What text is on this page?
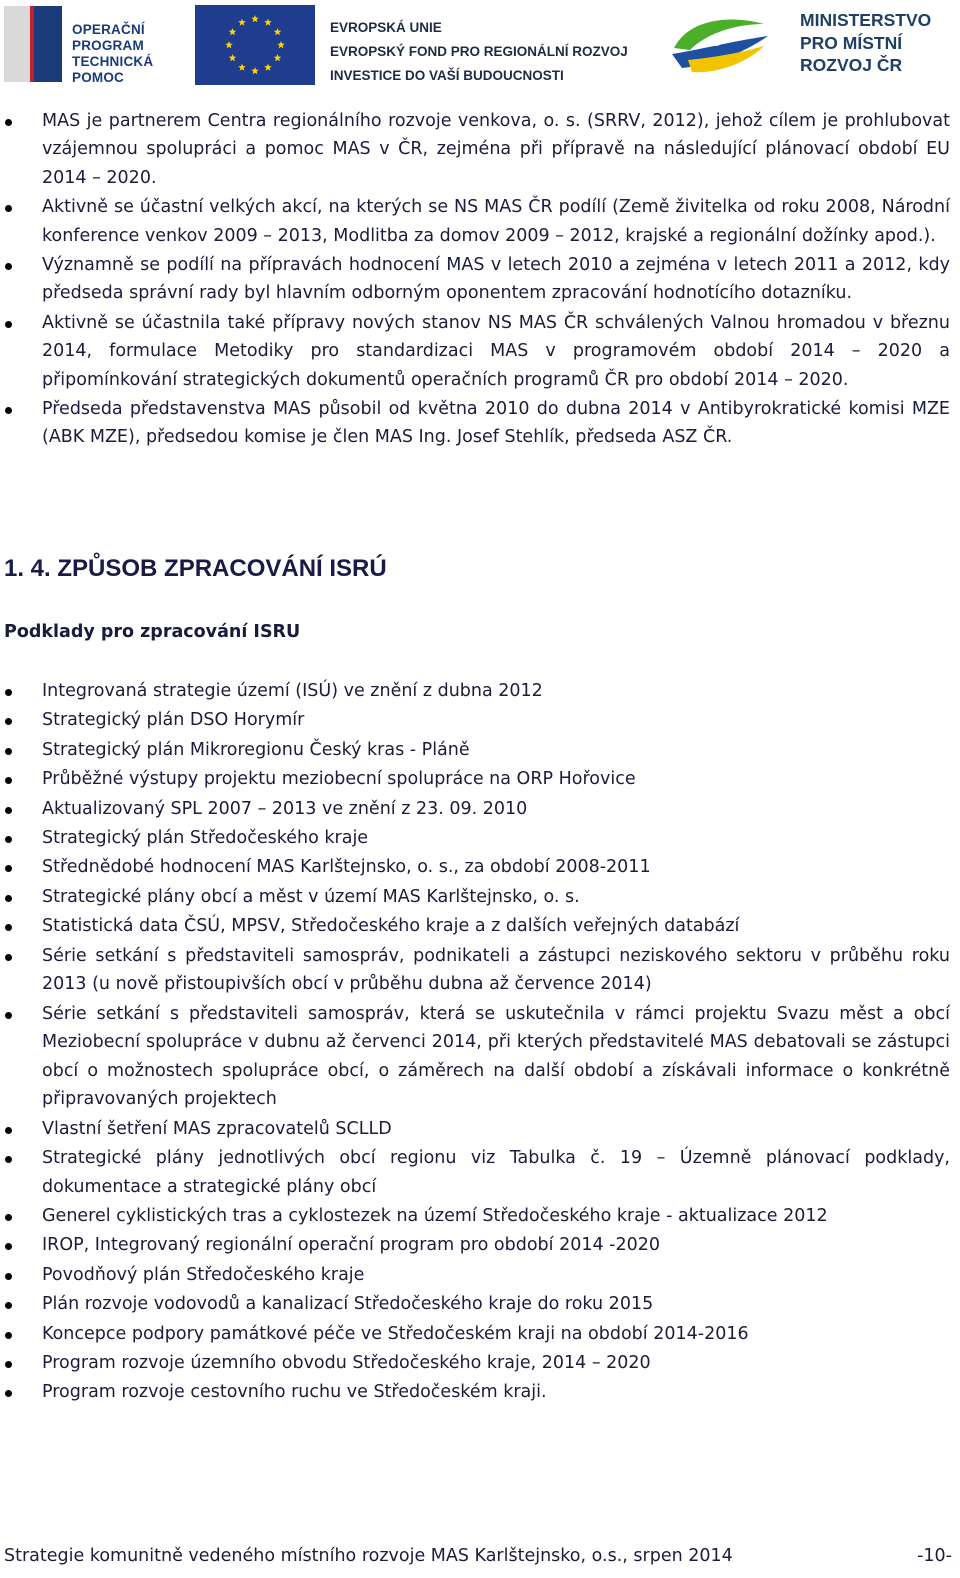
OPERAČNÍ
PROGRAM
TECHNICKÁ
POMOC
EVROPSKÁ UNIE
EVROPSKÝ FOND PRO REGIONÁLNÍ ROZVOJ
INVESTICE DO VAŠÍ BUDOUCNOSTI
MINISTERSTVO
PRO MÍSTNÍ
ROZVOJ ČR
MAS je partnerem Centra regionálního rozvoje venkova, o. s. (SRRV, 2012), jehož cílem je prohlubovat vzájemnou spolupráci a pomoc MAS v ČR, zejména při přípravě na následující plánovací období EU 2014 – 2020.
Aktivně se účastní velkých akcí, na kterých se NS MAS ČR podílí (Země živitelka od roku 2008, Národní konference venkov 2009 – 2013, Modlitba za domov 2009 – 2012, krajské a regionální dožínky apod.).
Významně se podílí na přípravách hodnocení MAS v letech 2010 a zejména v letech 2011 a 2012, kdy předseda správní rady byl hlavním odborným oponentem zpracování hodnotícího dotazníku.
Aktivně se účastnila také přípravy nových stanov NS MAS ČR schválených Valnou hromadou v březnu 2014, formulace Metodiky pro standardizaci MAS v programovém období 2014 – 2020 a připomínkování strategických dokumentů operačních programů ČR pro období 2014 – 2020.
Předseda představenstva MAS působil od května 2010 do dubna 2014 v Antibyrokratické komisi MZE (ABK MZE), předsedou komise je člen MAS Ing. Josef Stehlík, předseda ASZ ČR.
1. 4. ZPŮSOB ZPRACOVÁNÍ ISRÚ
Podklady pro zpracování ISRU
Integrovaná strategie území (ISÚ) ve znění z dubna 2012
Strategický plán DSO Horymír
Strategický plán Mikroregionu Český kras - Pláně
Průběžné výstupy projektu meziobecní spolupráce na ORP Hořovice
Aktualizovaný SPL 2007 – 2013 ve znění z 23. 09. 2010
Strategický plán Středočeského kraje
Střednědobé hodnocení MAS Karlštejnsko, o. s., za období 2008-2011
Strategické plány obcí a měst v území MAS Karlštejnsko, o. s.
Statistická data ČSÚ, MPSV, Středočeského kraje a z dalších veřejných databází
Série setkání s představiteli samospráv, podnikateli a zástupci neziskového sektoru v průběhu roku 2013 (u nově přistoupivších obcí v průběhu dubna až července 2014)
Série setkání s představiteli samospráv, která se uskutečnila v rámci projektu Svazu měst a obcí Meziobecní spolupráce v dubnu až červenci 2014, při kterých představitelé MAS debatovali se zástupci obcí o možnostech spolupráce obcí, o záměrech na další období a získávali informace o konkrétně připravovaných projektech
Vlastní šetření MAS zpracovatelů SCLLD
Strategické plány jednotlivých obcí regionu viz Tabulka č. 19 – Územně plánovací podklady, dokumentace a strategické plány obcí
Generel cyklistických tras a cyklostezek na území Středočeského kraje - aktualizace 2012
IROP, Integrovaný regionální operační program pro období 2014 -2020
Povodňový plán Středočeského kraje
Plán rozvoje vodovodů a kanalizací Středočeského kraje do roku 2015
Koncepce podpory památkové péče ve Středočeském kraji na období 2014-2016
Program rozvoje územního obvodu Středočeského kraje, 2014 – 2020
Program rozvoje cestovního ruchu ve Středočeském kraji.
Strategie komunitně vedeného místního rozvoje MAS Karlštejnsko, o.s., srpen 2014	-10-
